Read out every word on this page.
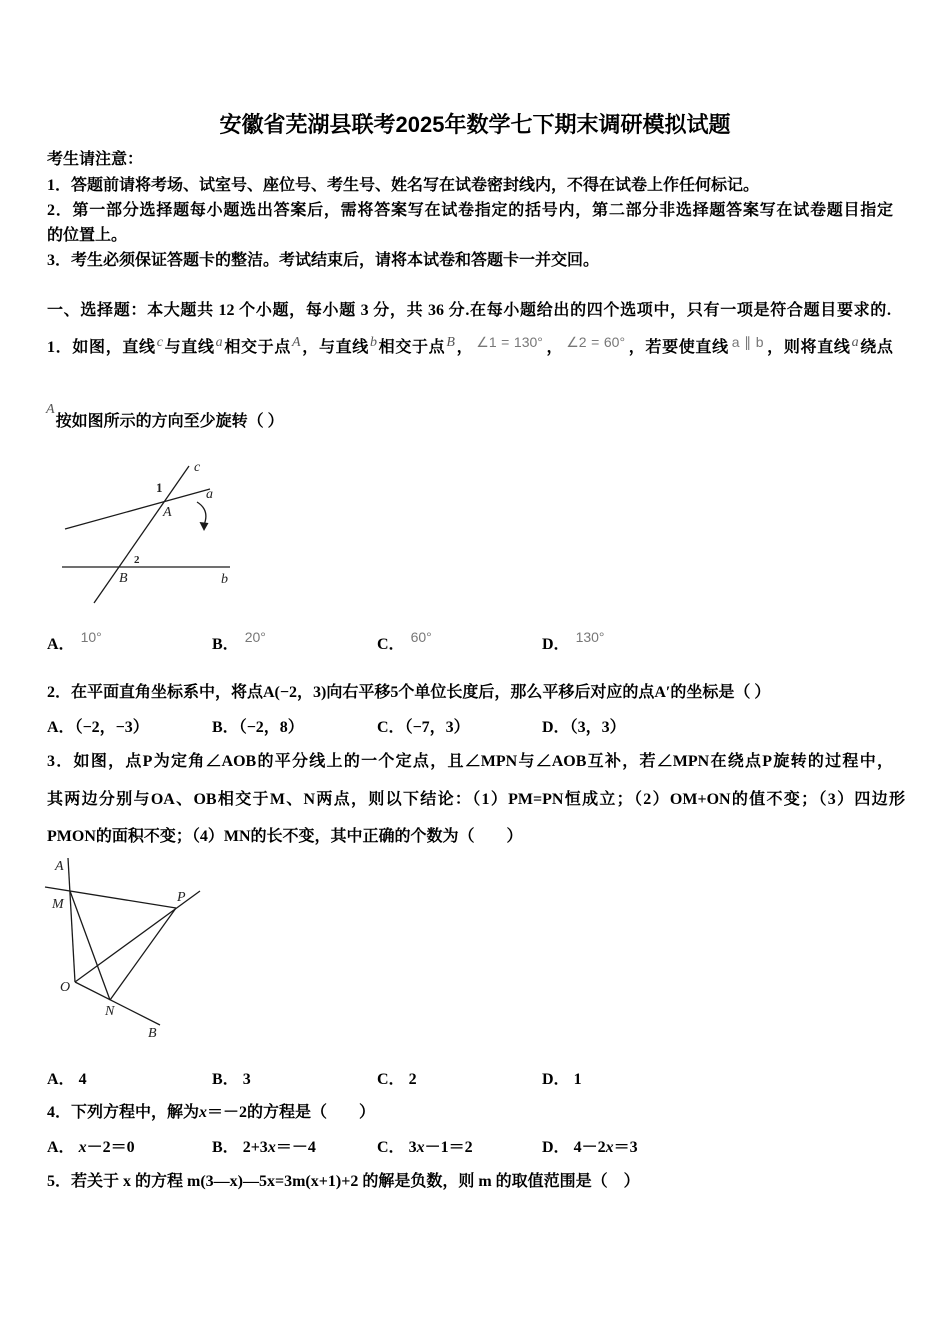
安徽省芜湖县联考2025年数学七下期末调研模拟试题
考生请注意：
1．答题前请将考场、试室号、座位号、考生号、姓名写在试卷密封线内，不得在试卷上作任何标记。
2．第一部分选择题每小题选出答案后，需将答案写在试卷指定的括号内，第二部分非选择题答案写在试卷题目指定
的位置上。
3．考生必须保证答题卡的整洁。考试结束后，请将本试卷和答题卡一并交回。
一、选择题：本大题共 12 个小题，每小题 3 分，共 36 分.在每小题给出的四个选项中，只有一项是符合题目要求的.
1．如图，直线c与直线a相交于点A，与直线b相交于点B， ∠1 = 130° ， ∠2 = 60° ，若要使直线 a ∥ b ，则将直线a绕点
A按如图所示的方向至少旋转（ ）
c
1	a
A
2
B	b
A． 10°	B． 20°	C． 60°	D． 130°
2．在平面直角坐标系中，将点A(−2，3)向右平移5个单位长度后，那么平移后对应的点A′的坐标是（ ）
A．（−2，−3）	B．（−2，8）	C．（−7，3）	D．（3，3）
3．如图，点P为定角∠AOB的平分线上的一个定点，且∠MPN与∠AOB互补，若∠MPN在绕点P旋转的过程中，
其两边分别与OA、OB相交于M、N两点，则以下结论：（1）PM=PN恒成立；（2）OM+ON的值不变；（3）四边形
PMON的面积不变；（4）MN的长不变，其中正确的个数为（　　）
A
M	P
O
N
B
A． 4	B． 3	C． 2	D． 1
4．下列方程中，解为x＝－2的方程是（　　）
A． x－2＝0	B． 2+3x＝－4	C． 3x－1＝2	D． 4－2x＝3
5．若关于 x 的方程 m(3—x)—5x=3m(x+1)+2 的解是负数，则 m 的取值范围是（　）
